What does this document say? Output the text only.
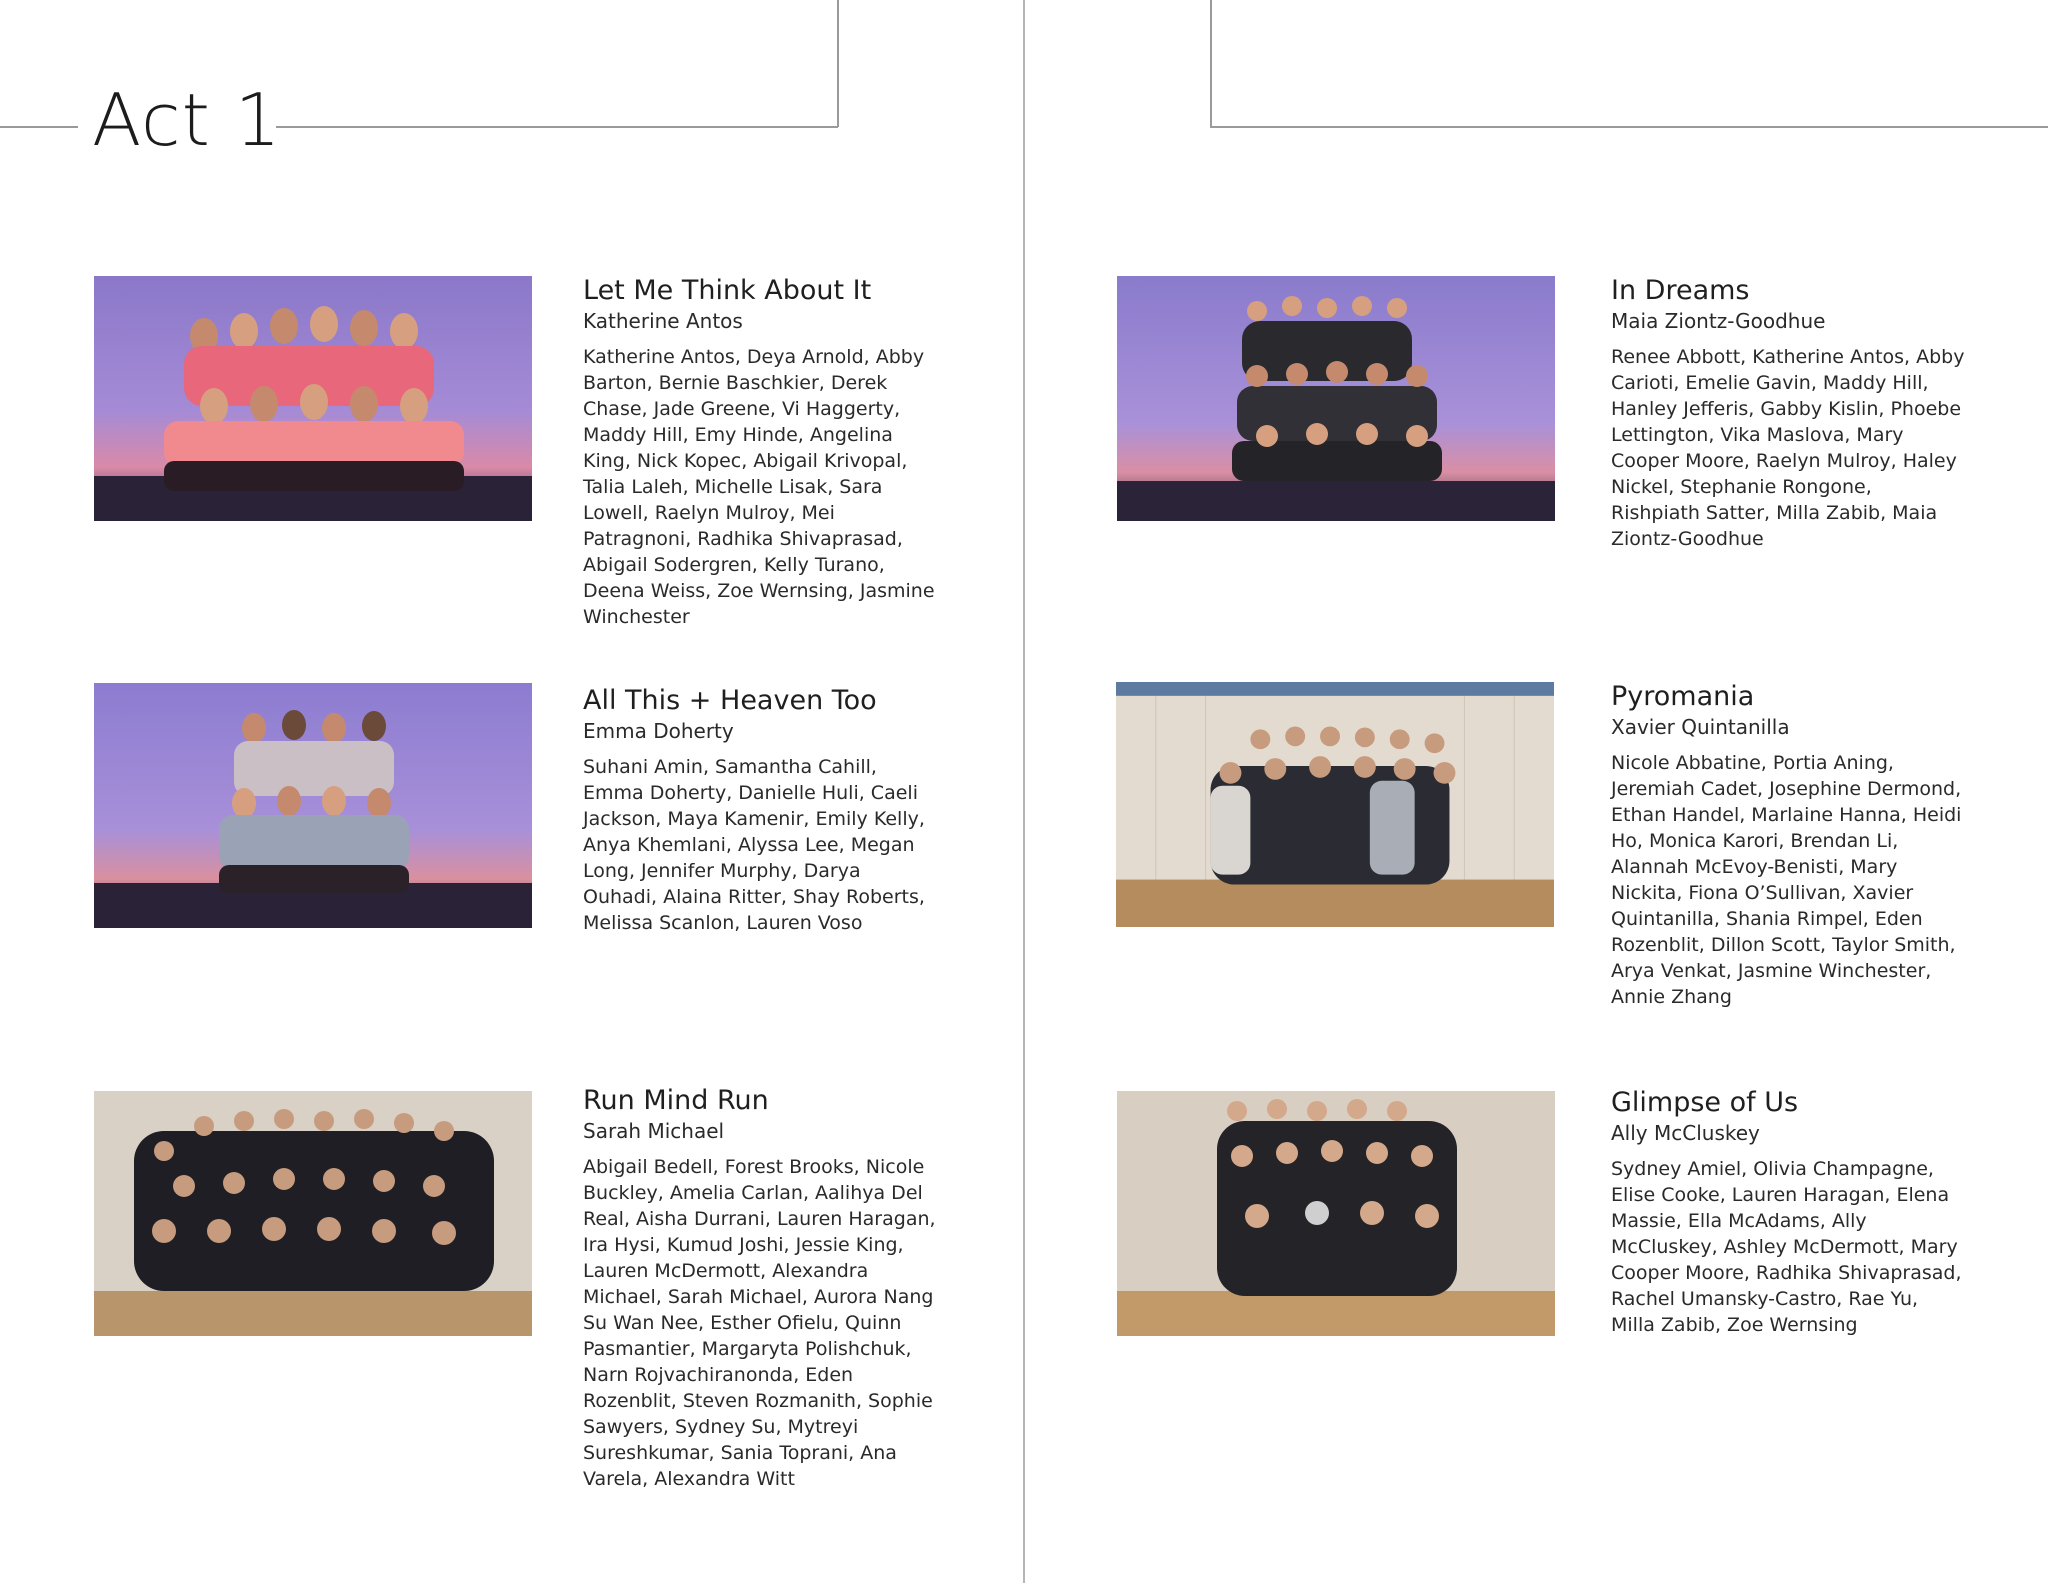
Act 1
Let Me Think About It
Katherine Antos
Katherine Antos, Deya Arnold, Abby Barton, Bernie Baschkier, Derek Chase, Jade Greene, Vi Haggerty, Maddy Hill, Emy Hinde, Angelina King, Nick Kopec, Abigail Krivopal, Talia Laleh, Michelle Lisak, Sara Lowell, Raelyn Mulroy, Mei Patragnoni, Radhika Shivaprasad, Abigail Sodergren, Kelly Turano, Deena Weiss, Zoe Wernsing, Jasmine Winchester
All This + Heaven Too
Emma Doherty
Suhani Amin, Samantha Cahill, Emma Doherty, Danielle Huli, Caeli Jackson, Maya Kamenir, Emily Kelly, Anya Khemlani, Alyssa Lee, Megan Long, Jennifer Murphy, Darya Ouhadi, Alaina Ritter, Shay Roberts, Melissa Scanlon, Lauren Voso
Run Mind Run
Sarah Michael
Abigail Bedell, Forest Brooks, Nicole Buckley, Amelia Carlan, Aalihya Del Real, Aisha Durrani, Lauren Haragan, Ira Hysi, Kumud Joshi, Jessie King, Lauren McDermott, Alexandra Michael, Sarah Michael, Aurora Nang Su Wan Nee, Esther Ofielu, Quinn Pasmantier, Margaryta Polishchuk, Narn Rojvachiranonda, Eden Rozenblit, Steven Rozmanith, Sophie Sawyers, Sydney Su, Mytreyi Sureshkumar, Sania Toprani, Ana Varela, Alexandra Witt
In Dreams
Maia Ziontz-Goodhue
Renee Abbott, Katherine Antos, Abby Carioti, Emelie Gavin, Maddy Hill, Hanley Jefferis, Gabby Kislin, Phoebe Lettington, Vika Maslova, Mary Cooper Moore, Raelyn Mulroy, Haley Nickel, Stephanie Rongone, Rishpiath Satter, Milla Zabib, Maia Ziontz-Goodhue
Pyromania
Xavier Quintanilla
Nicole Abbatine, Portia Aning, Jeremiah Cadet, Josephine Dermond, Ethan Handel, Marlaine Hanna, Heidi Ho, Monica Karori, Brendan Li, Alannah McEvoy-Benisti, Mary Nickita, Fiona O’Sullivan, Xavier Quintanilla, Shania Rimpel, Eden Rozenblit, Dillon Scott, Taylor Smith, Arya Venkat, Jasmine Winchester, Annie Zhang
Glimpse of Us
Ally McCluskey
Sydney Amiel, Olivia Champagne, Elise Cooke, Lauren Haragan, Elena Massie, Ella McAdams, Ally McCluskey, Ashley McDermott, Mary Cooper Moore, Radhika Shivaprasad, Rachel Umansky-Castro, Rae Yu, Milla Zabib, Zoe Wernsing
